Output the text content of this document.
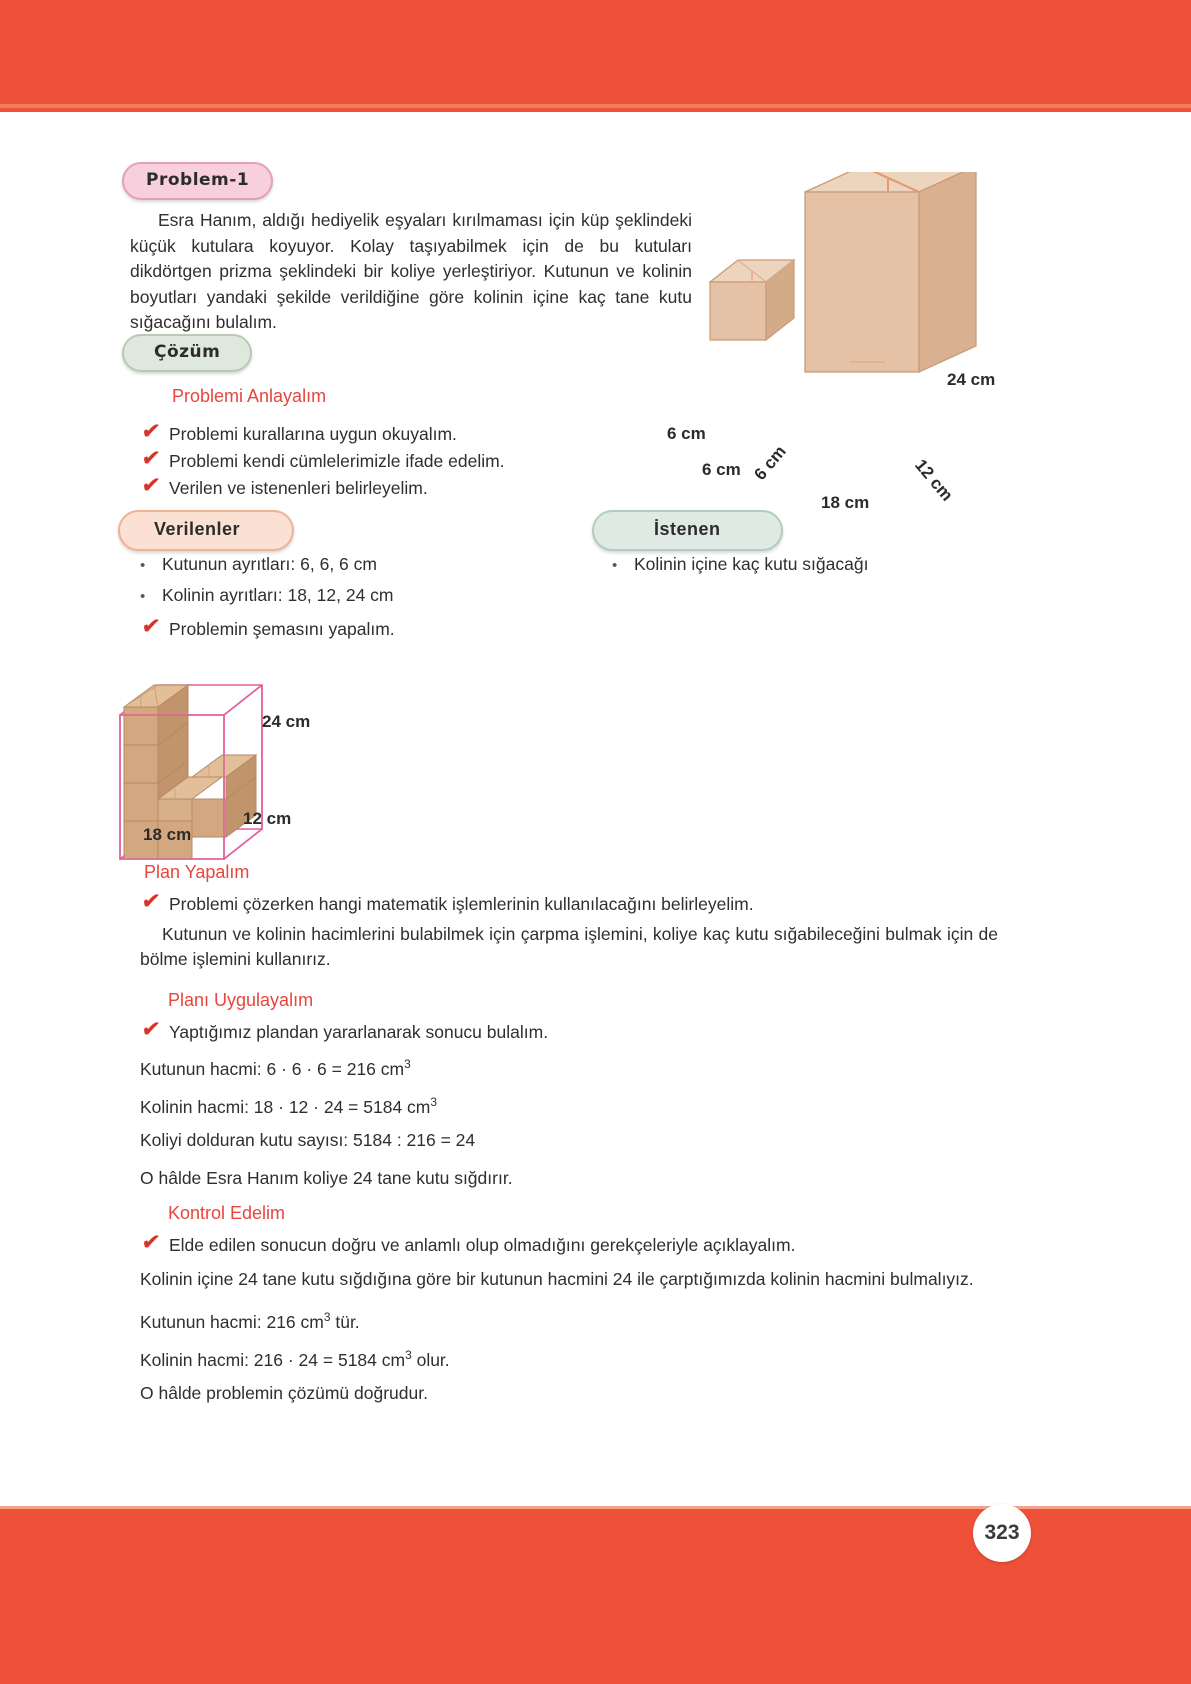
Problem-1
Esra Hanım, aldığı hediyelik eşyaları kırılmaması için küp şeklindeki küçük kutulara koyuyor. Kolay taşıyabilmek için de bu kutuları dikdörtgen prizma şeklindeki bir koliye yerleştiriyor. Kutunun ve kolinin boyutları yandaki şekilde verildiğine göre kolinin içine kaç tane kutu sığacağını bulalım.
6 cm
6 cm 6 cm
24 cm
18 cm 12 cm
Çözüm
Problemi Anlayalım
✔ Problemi kurallarına uygun okuyalım.
✔ Problemi kendi cümlelerimizle ifade edelim.
✔ Verilen ve istenenleri belirleyelim.
Verilenler	İstenen
• Kutunun ayrıtları: 6, 6, 6 cm
• Kolinin ayrıtları: 18, 12, 24 cm
• Kolinin içine kaç kutu sığacağı
✔ Problemin şemasını yapalım.
24 cm
12 cm
18 cm
Plan Yapalım
✔ Problemi çözerken hangi matematik işlemlerinin kullanılacağını belirleyelim.
Kutunun ve kolinin hacimlerini bulabilmek için çarpma işlemini, koliye kaç kutu sığabileceğini bulmak için de bölme işlemini kullanırız.
Planı Uygulayalım
✔ Yaptığımız plandan yararlanarak sonucu bulalım.
Kutunun hacmi: 6 · 6 · 6 = 216 $cm^3$
Kolinin hacmi: 18 · 12 · 24 = 5184 $cm^3$
Koliyi dolduran kutu sayısı: 5184 : 216 = 24
O hâlde Esra Hanım koliye 24 tane kutu sığdırır.
Kontrol Edelim
✔ Elde edilen sonucun doğru ve anlamlı olup olmadığını gerekçeleriyle açıklayalım.
Kolinin içine 24 tane kutu sığdığına göre bir kutunun hacmini 24 ile çarptığımızda kolinin hacmini bulmalıyız.
Kutunun hacmi: 216 $cm^3$ tür.
Kolinin hacmi: 216 · 24 = 5184 $cm^3$ olur.
O hâlde problemin çözümü doğrudur.
323
